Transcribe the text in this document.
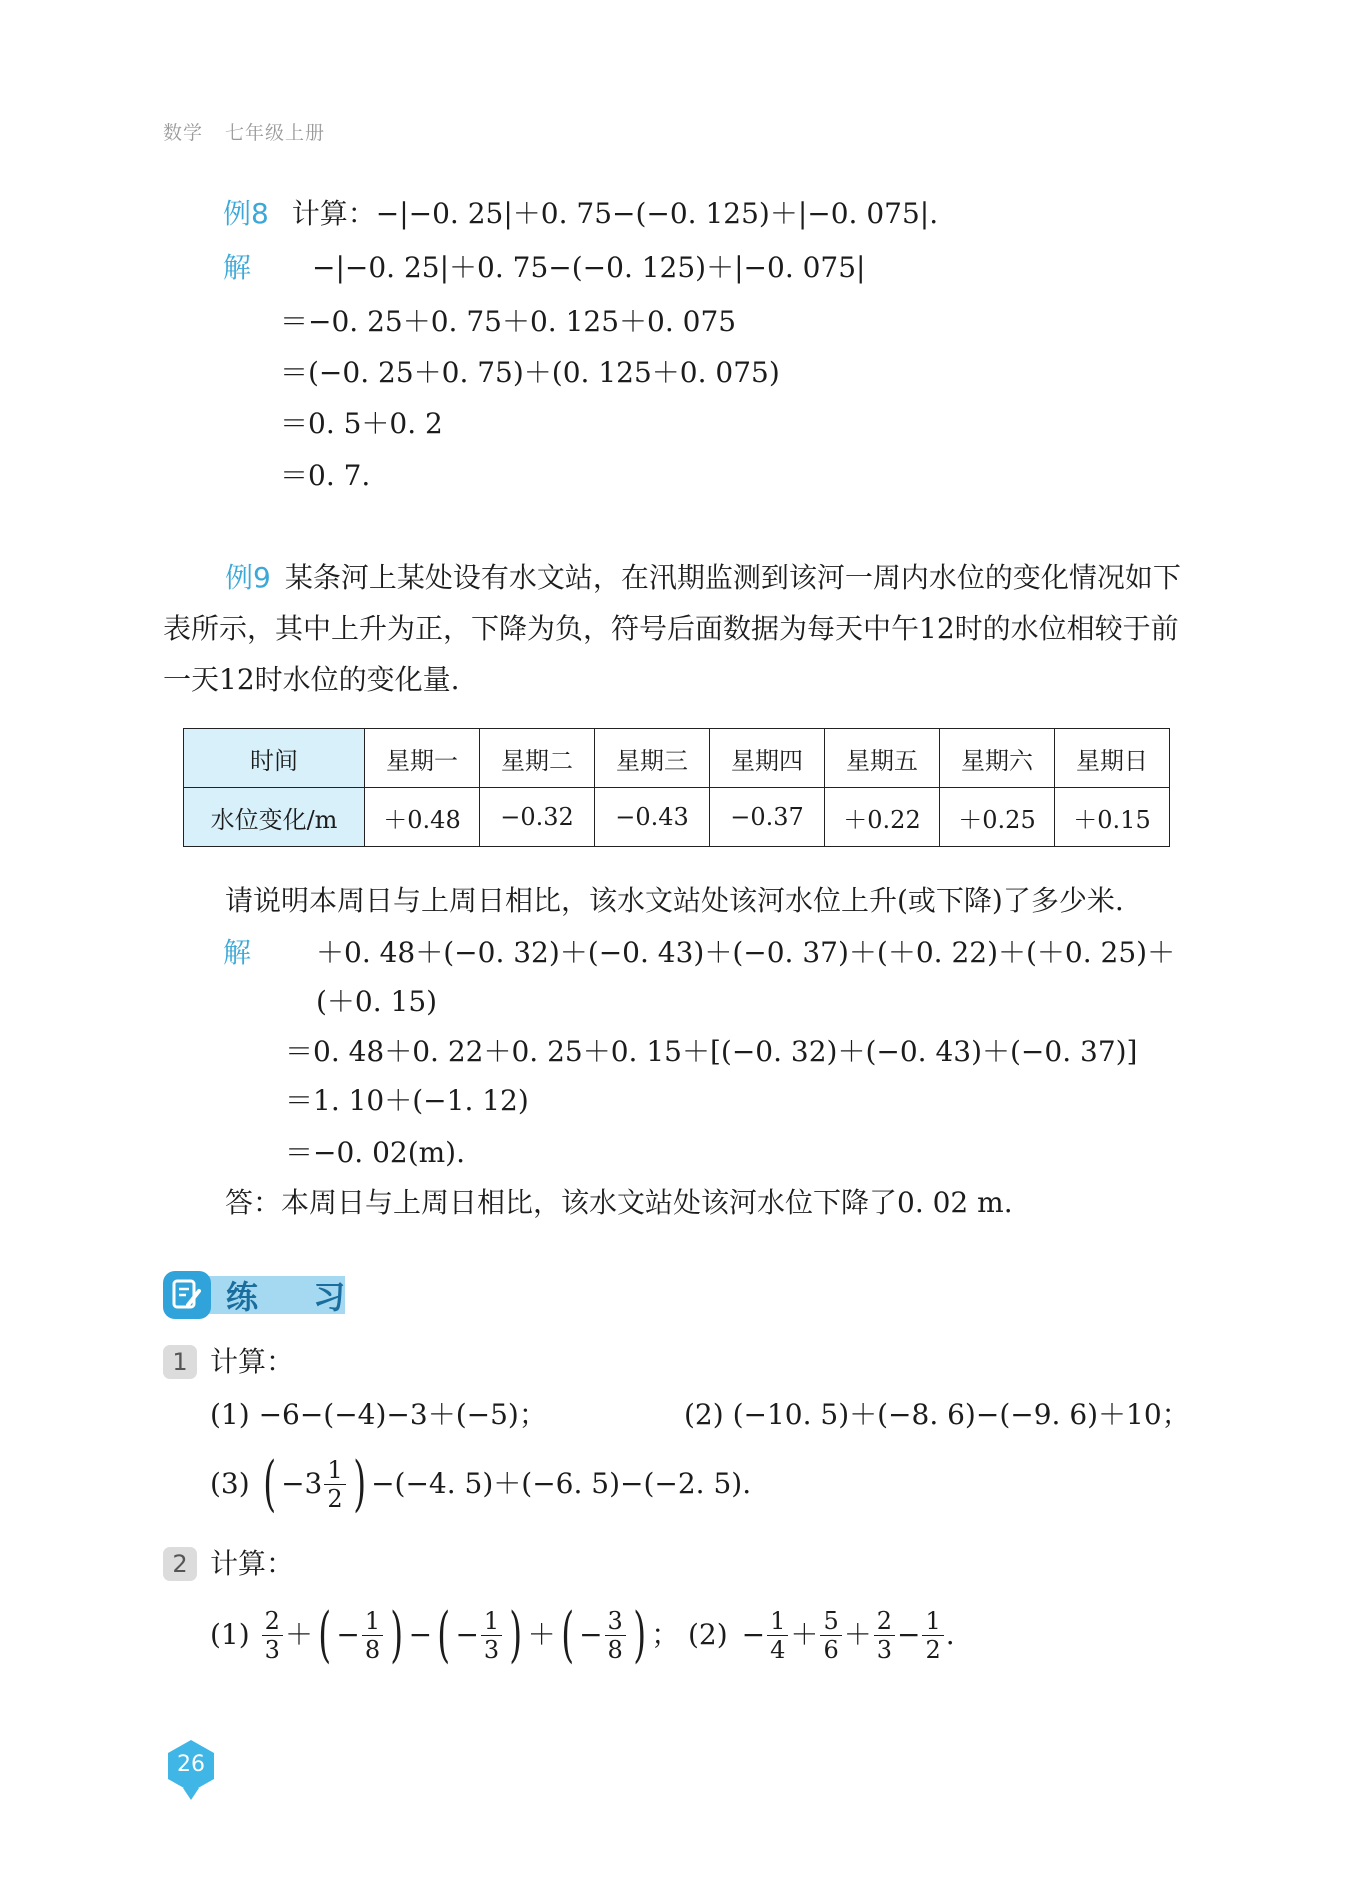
数学 七年级上册
例8 计算：−|−0. 25|＋0. 75−(−0. 125)＋|−0. 075|.
解 −|−0. 25|＋0. 75−(−0. 125)＋|−0. 075|
＝−0. 25＋0. 75＋0. 125＋0. 075
＝(−0. 25＋0. 75)＋(0. 125＋0. 075)
＝0. 5＋0. 2
＝0. 7.
例9 某条河上某处设有水文站，在汛期监测到该河一周内水位的变化情况如下表所示，其中上升为正，下降为负，符号后面数据为每天中午12时的水位相较于前一天12时水位的变化量.
时间	星期一	星期二	星期三	星期四	星期五	星期六	星期日
水位变化/m	＋0.48	−0.32	−0.43	−0.37	＋0.22	＋0.25	＋0.15
请说明本周日与上周日相比，该水文站处该河水位上升(或下降)了多少米.
解 ＋0. 48＋(−0. 32)＋(−0. 43)＋(−0. 37)＋(＋0. 22)＋(＋0. 25)＋
(＋0. 15)
＝0. 48＋0. 22＋0. 25＋0. 15＋[(−0. 32)＋(−0. 43)＋(−0. 37)]
＝1. 10＋(−1. 12)
＝−0. 02(m).
答：本周日与上周日相比，该水文站处该河水位下降了0. 02 m.
练 习
1 计算：
(1) −6−(−4)−3＋(−5)；	(2) (−10. 5)＋(−8. 6)−(−9. 6)＋10；
(3) ( $-3 \frac{1}{2}$ ) −(−4. 5)＋(−6. 5)−(−2. 5).
2 计算：
$(1) \frac{2}{3}$ ＋ ( − $\frac{1}{8}$ ) − ( − $\frac{1}{3}$ ) ＋ ( − $\frac{3}{8}$ ) ； $(2) - \frac{1}{4} + \frac{5}{6} + \frac{2}{3} - \frac{1}{2}$ .
26
